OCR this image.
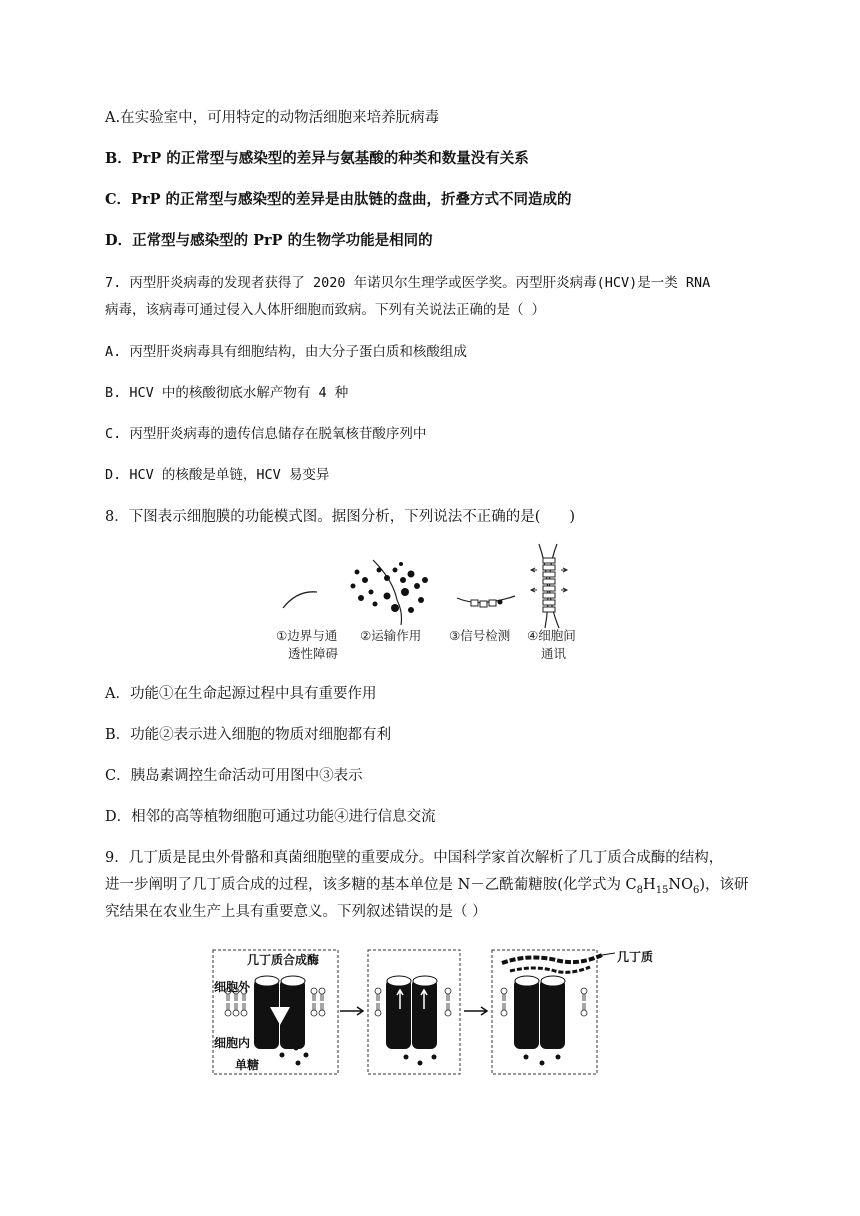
A.在实验室中，可用特定的动物活细胞来培养朊病毒
B．PrP 的正常型与感染型的差异与氨基酸的种类和数量没有关系
C．PrP 的正常型与感染型的差异是由肽链的盘曲，折叠方式不同造成的
D．正常型与感染型的 PrP 的生物学功能是相同的
7. 丙型肝炎病毒的发现者获得了 2020 年诺贝尔生理学或医学奖。丙型肝炎病毒(HCV)是一类 RNA
病毒，该病毒可通过侵入人体肝细胞而致病。下列有关说法正确的是（ ）
A. 丙型肝炎病毒具有细胞结构，由大分子蛋白质和核酸组成
B. HCV 中的核酸彻底水解产物有 4 种
C. 丙型肝炎病毒的遗传信息储存在脱氧核苷酸序列中
D. HCV 的核酸是单链，HCV 易变异
8．下图表示细胞膜的功能模式图。据图分析，下列说法不正确的是(　　)
①边界与通
透性障碍
②运输作用 ③信号检测 ④细胞间
通讯
A．功能①在生命起源过程中具有重要作用
B．功能②表示进入细胞的物质对细胞都有利
C．胰岛素调控生命活动可用图中③表示
D．相邻的高等植物细胞可通过功能④进行信息交流
9．几丁质是昆虫外骨骼和真菌细胞壁的重要成分。中国科学家首次解析了几丁质合成酶的结构，
进一步阐明了几丁质合成的过程，该多糖的基本单位是 N－乙酰葡糖胺(化学式为 $C_8H_{15}NO_6$)，该研
究结果在农业生产上具有重要意义。下列叙述错误的是（ ）
几丁质合成酶
细胞外
细胞内
单糖
几丁质
